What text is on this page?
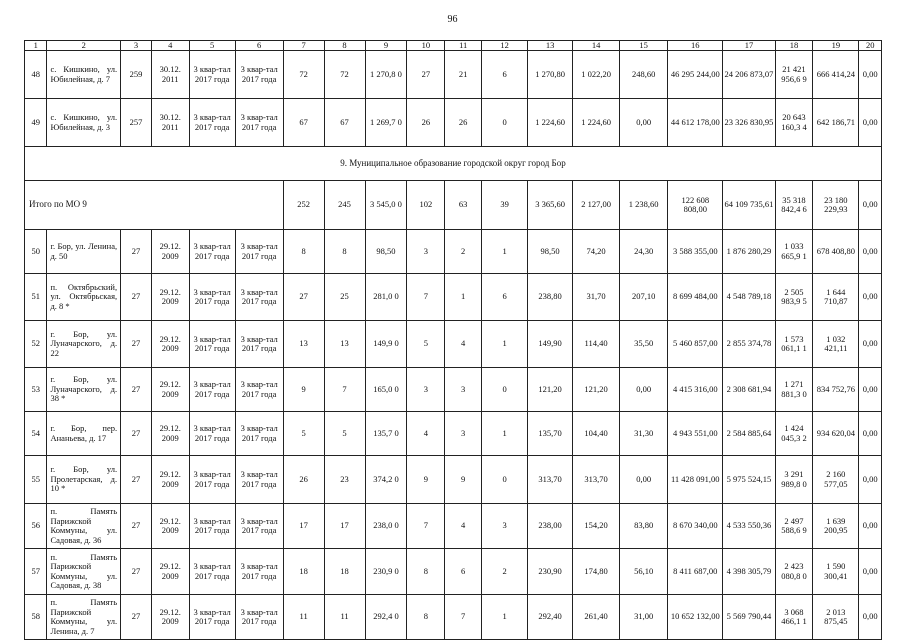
96
1	2	3	4	5	6	7	8	9	10	11	12	13	14	15	16	17	18	19	20
48	с. Кишкино, ул. Юбилейная, д. 7	259	30.12. 2011	3 квар-тал 2017 года	3 квар-тал 2017 года	72	72	1 270,8 0	27	21	6	1 270,80	1 022,20	248,60	46 295 244,00	24 206 873,07	21 421 956,6 9	666 414,24	0,00
49	с. Кишкино, ул. Юбилейная, д. 3	257	30.12. 2011	3 квар-тал 2017 года	3 квар-тал 2017 года	67	67	1 269,7 0	26	26	0	1 224,60	1 224,60	0,00	44 612 178,00	23 326 830,95	20 643 160,3 4	642 186,71	0,00
9. Муниципальное образование городской округ город Бор																			
Итого по МО 9						252	245	3 545,0 0	102	63	39	3 365,60	2 127,00	1 238,60	122 608 808,00	64 109 735,61	35 318 842,4 6	23 180 229,93	0,00
50	г. Бор, ул. Ленина, д. 50	27	29.12. 2009	3 квар-тал 2017 года	3 квар-тал 2017 года	8	8	98,50	3	2	1	98,50	74,20	24,30	3 588 355,00	1 876 280,29	1 033 665,9 1	678 408,80	0,00
51	п. Октябрьский, ул. Октябрьская, д. 8 *	27	29.12. 2009	3 квар-тал 2017 года	3 квар-тал 2017 года	27	25	281,0 0	7	1	6	238,80	31,70	207,10	8 699 484,00	4 548 789,18	2 505 983,9 5	1 644 710,87	0,00
52	г. Бор, ул. Луначарского, д. 22	27	29.12. 2009	3 квар-тал 2017 года	3 квар-тал 2017 года	13	13	149,9 0	5	4	1	149,90	114,40	35,50	5 460 857,00	2 855 374,78	1 573 061,1 1	1 032 421,11	0,00
53	г. Бор, ул. Луначарского, д. 38 *	27	29.12. 2009	3 квар-тал 2017 года	3 квар-тал 2017 года	9	7	165,0 0	3	3	0	121,20	121,20	0,00	4 415 316,00	2 308 681,94	1 271 881,3 0	834 752,76	0,00
54	г. Бор, пер. Ананьева, д. 17	27	29.12. 2009	3 квар-тал 2017 года	3 квар-тал 2017 года	5	5	135,7 0	4	3	1	135,70	104,40	31,30	4 943 551,00	2 584 885,64	1 424 045,3 2	934 620,04	0,00
55	г. Бор, ул. Пролетарская, д. 10 *	27	29.12. 2009	3 квар-тал 2017 года	3 квар-тал 2017 года	26	23	374,2 0	9	9	0	313,70	313,70	0,00	11 428 091,00	5 975 524,15	3 291 989,8 0	2 160 577,05	0,00
56	п. Память Парижской Коммуны, ул. Садовая, д. 36	27	29.12. 2009	3 квар-тал 2017 года	3 квар-тал 2017 года	17	17	238,0 0	7	4	3	238,00	154,20	83,80	8 670 340,00	4 533 550,36	2 497 588,6 9	1 639 200,95	0,00
57	п. Память Парижской Коммуны, ул. Садовая, д. 38	27	29.12. 2009	3 квар-тал 2017 года	3 квар-тал 2017 года	18	18	230,9 0	8	6	2	230,90	174,80	56,10	8 411 687,00	4 398 305,79	2 423 080,8 0	1 590 300,41	0,00
58	п. Память Парижской Коммуны, ул. Ленина, д. 7	27	29.12. 2009	3 квар-тал 2017 года	3 квар-тал 2017 года	11	11	292,4 0	8	7	1	292,40	261,40	31,00	10 652 132,00	5 569 790,44	3 068 466,1 1	2 013 875,45	0,00
